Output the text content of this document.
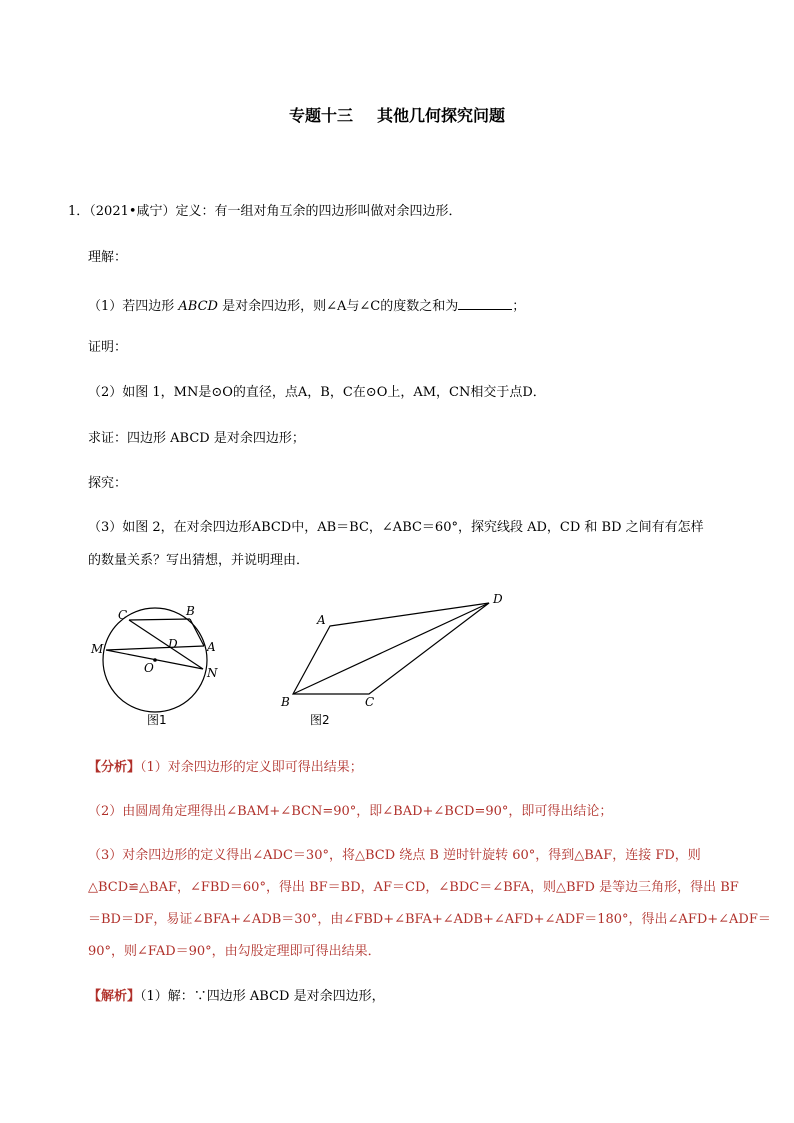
专题十三 其他几何探究问题
1．（2021•咸宁）定义：有一组对角互余的四边形叫做对余四边形．
理解：
（1）若四边形 ABCD 是对余四边形，则∠A与∠C的度数之和为	；
证明：
（2）如图 1，MN是⊙O的直径，点A，B，C在⊙O上，AM，CN相交于点D．
求证：四边形 ABCD 是对余四边形；
探究：
（3）如图 2，在对余四边形ABCD中，AB＝BC，∠ABC＝60°，探究线段 AD，CD 和 BD 之间有有怎样
的数量关系？写出猜想，并说明理由．
C	B
M	D A
O	N
图1
A
B	C
D
图2
【分析】（1）对余四边形的定义即可得出结果；
（2）由圆周角定理得出∠BAM+∠BCN=90°，即∠BAD+∠BCD=90°，即可得出结论；
（3）对余四边形的定义得出∠ADC＝30°，将△BCD 绕点 B 逆时针旋转 60°，得到△BAF，连接 FD，则
△BCD≌△BAF，∠FBD＝60°，得出 BF＝BD，AF＝CD，∠BDC＝∠BFA，则△BFD 是等边三角形，得出 BF
＝BD＝DF，易证∠BFA+∠ADB＝30°，由∠FBD+∠BFA+∠ADB+∠AFD+∠ADF＝180°，得出∠AFD+∠ADF＝
90°，则∠FAD＝90°，由勾股定理即可得出结果．
【解析】（1）解：∵四边形 ABCD 是对余四边形，
